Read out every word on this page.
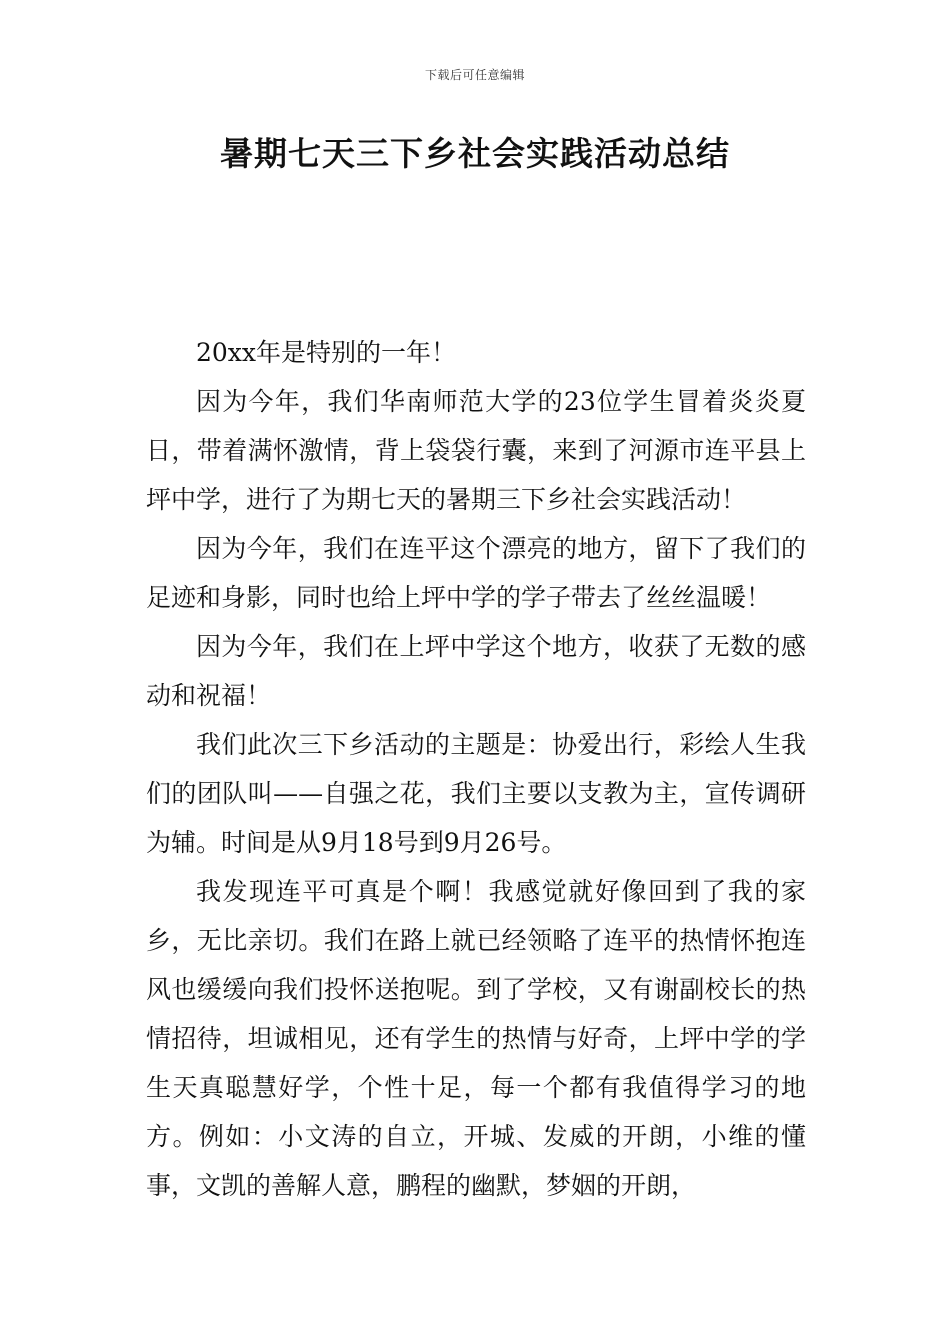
下载后可任意编辑
暑期七天三下乡社会实践活动总结

20xx年是特别的一年！

因为今年，我们华南师范大学的23位学生冒着炎炎夏日，带着满怀激情，背上袋袋行囊，来到了河源市连平县上坪中学，进行了为期七天的暑期三下乡社会实践活动！

因为今年，我们在连平这个漂亮的地方，留下了我们的足迹和身影，同时也给上坪中学的学子带去了丝丝温暖！

因为今年，我们在上坪中学这个地方，收获了无数的感动和祝福！

我们此次三下乡活动的主题是：协爱出行，彩绘人生我们的团队叫——自强之花，我们主要以支教为主，宣传调研为辅。时间是从9月18号到9月26号。

我发现连平可真是个啊！我感觉就好像回到了我的家乡，无比亲切。我们在路上就已经领略了连平的热情怀抱连风也缓缓向我们投怀送抱呢。到了学校，又有谢副校长的热情招待，坦诚相见，还有学生的热情与好奇，上坪中学的学生天真聪慧好学，个性十足，每一个都有我值得学习的地方。例如：小文涛的自立，开城、发威的开朗，小维的懂事，文凯的善解人意，鹏程的幽默，梦姻的开朗，
